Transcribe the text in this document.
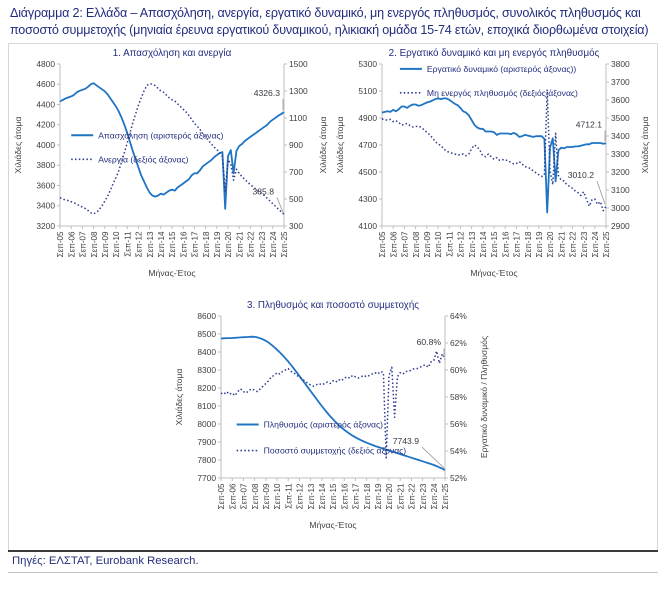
Διάγραμμα 2: Ελλάδα – Απασχόληση, ανεργία, εργατικό δυναμικό, μη ενεργός πληθυσμός, συνολικός πληθυσμός και ποσοστό συμμετοχής (μηνιαία έρευνα εργατικού δυναμικού, ηλικιακή ομάδα 15-74 ετών, εποχικά διορθωμένα στοιχεία)
1. Απασχόληση και ανεργία
4800
4600
4400
4200
4000
3800
3600
3400
3200
1500
1300
1100
900
700
500
300
Σεπ-05 Σεπ-06 Σεπ-07 Σεπ-08 Σεπ-09 Σεπ-10 Σεπ-11 Σεπ-12 Σεπ-13 Σεπ-14 Σεπ-15 Σεπ-16 Σεπ-17 Σεπ-18 Σεπ-19 Σεπ-20 Σεπ-21 Σεπ-22 Σεπ-23 Σεπ-24 Σεπ-25
Μήνας-Έτος
Χιλιάδες άτομα	Χιλιάδες άτομα
4326.3
385.8
Απασχόληση (αριστερός άξονας)
Ανεργία (δεξιός άξονας)
2. Εργατικό δυναμικό και μη ενεργός πληθυσμός
5300
5100
4900
4700
4500
4300
4100
3800
3700
3600
3500
3400
3300
3200
3100
3000
2900
Σεπ-05 Σεπ-06 Σεπ-07 Σεπ-08 Σεπ-09 Σεπ-10 Σεπ-11 Σεπ-12 Σεπ-13 Σεπ-14 Σεπ-15 Σεπ-16 Σεπ-17 Σεπ-18 Σεπ-19 Σεπ-20 Σεπ-21 Σεπ-22 Σεπ-23 Σεπ-24 Σεπ-25
Μήνας-Έτος
Χιλιάδες άτομα	Χιλιάδες άτομα
4712.1
3010.2
Εργατικό δυναμικό (αριστερός άξονας))
Μη ενεργός πληθυσμός (δεξιός άξονας)
3. Πληθυσμός και ποσοστό συμμετοχής
8600
8500
8400
8300
8200
8100
8000
7900
7800
7700
64%
62%
60%
58%
56%
54%
52%
Σεπ-05 Σεπ-06 Σεπ-07 Σεπ-08 Σεπ-09 Σεπ-10 Σεπ-11 Σεπ-12 Σεπ-13 Σεπ-14 Σεπ-15 Σεπ-16 Σεπ-17 Σεπ-18 Σεπ-19 Σεπ-20 Σεπ-21 Σεπ-22 Σεπ-23 Σεπ-24 Σεπ-25
Μήνας-Έτος
Χιλιάδες άτομα	Εργατικό δυναμικό / Πληθυσμός
7743.9
60.8%
Πληθυσμός (αριστερός άξονας)
Ποσοστό συμμετοχής (δεξιός άξονας)
Πηγές: ΕΛΣΤΑΤ, Eurobank Research.
